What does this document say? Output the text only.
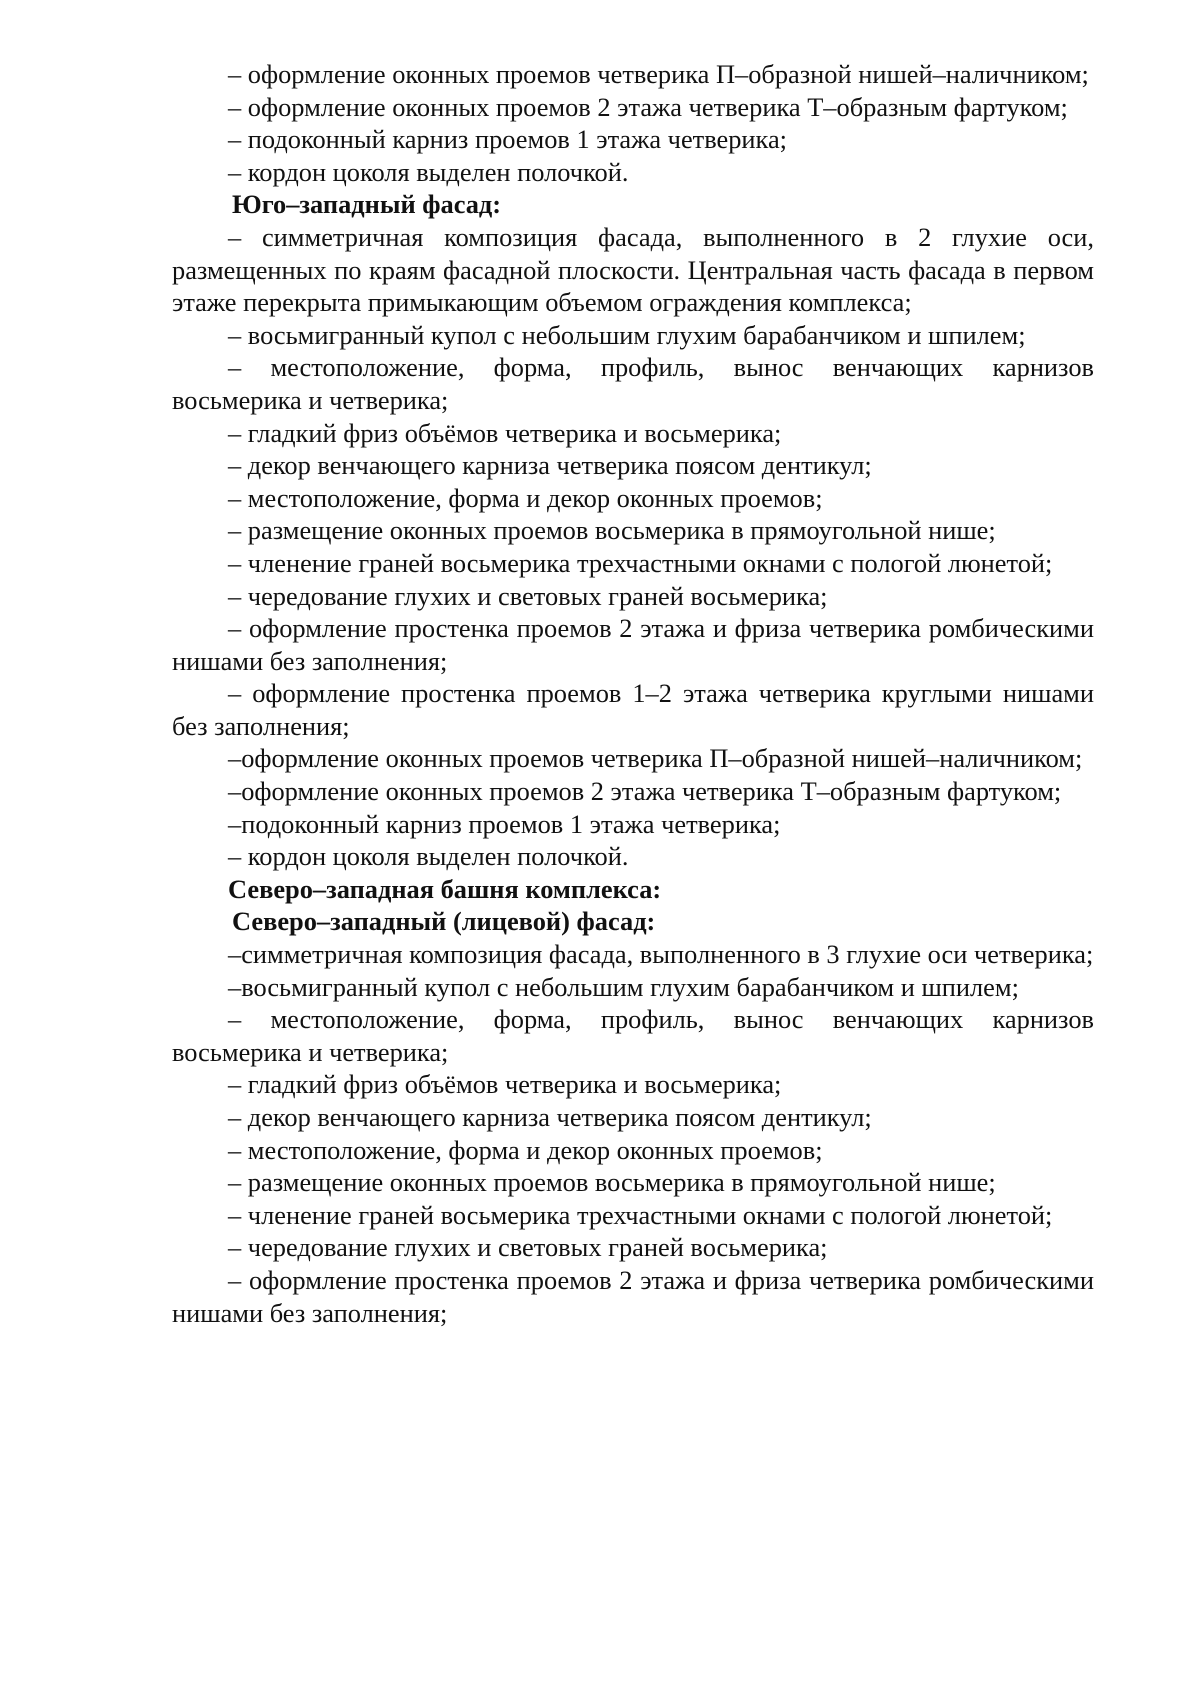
– оформление оконных проемов четверика П–образной нишей–наличником;

– оформление оконных проемов 2 этажа четверика Т–образным фартуком;

– подоконный карниз проемов 1 этажа четверика;

– кордон цоколя выделен полочкой.

Юго–западный фасад:

– симметричная композиция фасада, выполненного в 2 глухие оси, размещенных по краям фасадной плоскости. Центральная часть фасада в первом этаже перекрыта примыкающим объемом ограждения комплекса;

– восьмигранный купол с небольшим глухим барабанчиком и шпилем;

– местоположение, форма, профиль, вынос венчающих карнизов восьмерика и четверика;

– гладкий фриз объёмов четверика и восьмерика;

– декор венчающего карниза четверика поясом дентикул;

– местоположение, форма и декор оконных проемов;

– размещение оконных проемов восьмерика в прямоугольной нише;

– членение граней восьмерика трехчастными окнами с пологой люнетой;

– чередование глухих и световых граней восьмерика;

– оформление простенка проемов 2 этажа и фриза четверика ромбическими нишами без заполнения;

– оформление простенка проемов 1–2 этажа четверика круглыми нишами без заполнения;

–оформление оконных проемов четверика П–образной нишей–наличником;

–оформление оконных проемов 2 этажа четверика Т–образным фартуком;

–подоконный карниз проемов 1 этажа четверика;

– кордон цоколя выделен полочкой.

Северо–западная башня комплекса:

Северо–западный (лицевой) фасад:

–симметричная композиция фасада, выполненного в 3 глухие оси четверика;

–восьмигранный купол с небольшим глухим барабанчиком и шпилем;

– местоположение, форма, профиль, вынос венчающих карнизов восьмерика и четверика;

– гладкий фриз объёмов четверика и восьмерика;

– декор венчающего карниза четверика поясом дентикул;

– местоположение, форма и декор оконных проемов;

– размещение оконных проемов восьмерика в прямоугольной нише;

– членение граней восьмерика трехчастными окнами с пологой люнетой;

– чередование глухих и световых граней восьмерика;

– оформление простенка проемов 2 этажа и фриза четверика ромбическими нишами без заполнения;
